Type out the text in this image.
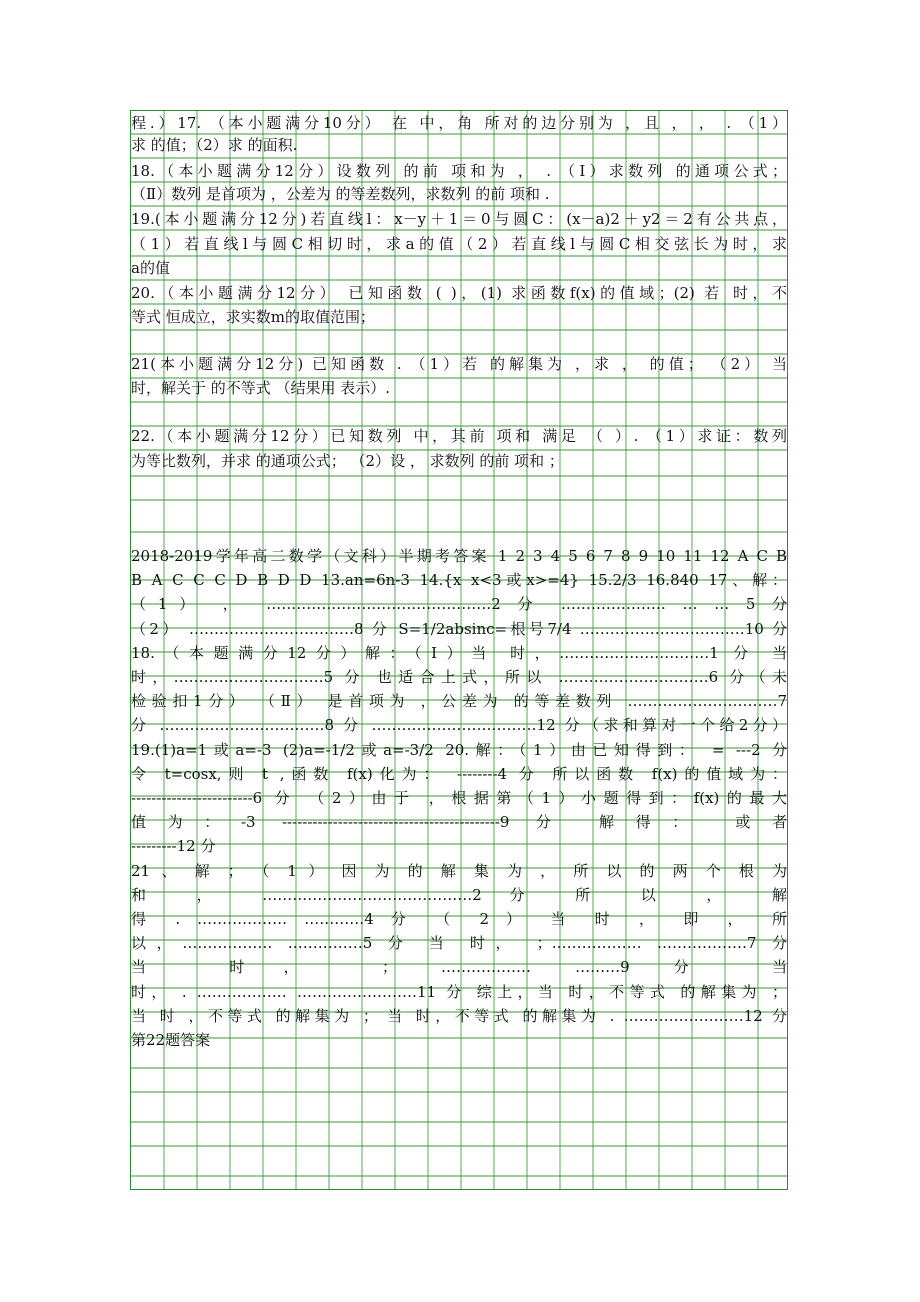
程.）17. （本小题满分10分） 在 中，角 所对的边分别为 ，且 ， ， . （1）
求 的值；（2）求 的面积.
18.（本小题满分12分）设数列 的前 项和为 ， . （Ⅰ）求数列 的通项公式；
（Ⅱ）数列 是首项为 ，公差为 的等差数列，求数列 的前 项和 .
19.(本小题满分12分)若直线l：x－y＋1＝0与圆C：(x－a)2＋y2＝2有公共点，
（1）若直线l与圆C相切时，求a的值（2）若直线l与圆C相交弦长为时，求
a的值
20.（本小题满分12分） 已知函数 ( )，(1) 求函数f(x)的值域；(2) 若 时，不
等式 恒成立，求实数m的取值范围；
21(本小题满分12分) 已知函数 . （1）若 的解集为 ，求 ， 的值； （2） 当
时，解关于 的不等式 （结果用 表示）.
22.（本小题满分12分）已知数列 中，其前 项和 满足 （ ）. （1）求证：数列
为等比数列，并求 的通项公式； （2）设 ， 求数列 的前 项和 ；
2018-2019学年高二数学（文科）半期考答案 1 2 3 4 5 6 7 8 9 10 11 12 A C B
B A C C C D B D D 13.an=6n-3 14.{x x<3或x>=4} 15.2/3 16.840 17、解：
（1） ， ………………………………………2 分 ………………… … … 5 分
（2） ……………………………8 分 S=1/2absinc=根号7/4 ……………………………10 分
18.（本题满分12分）解：（Ⅰ）当 时，…………………………1 分 当
时，…………………………5 分 也适合上式，所以 …………………………6 分（未
检验扣1分） （Ⅱ） 是首项为 ，公差为 的等差数列 …………………………7
分 ……………………………8 分 ……………………………12 分（求和算对一个给2分）
19.(1)a=1或a=-3 (2)a=-1/2或a=-3/2 20.解：（1）由已知得到： = ---2 分
令 t=cosx,则 t ,函数 f(x)化为： --------4 分 所以函数 f(x)的值域为：
------------------------6 分 （2）由于 ，根据第（1）小题得到：f(x)的最大
值为：-3 -------------------------------------------9 分 解得： 或者
---------12 分
21 、 解 ； （ 1 ） 因 为 的 解 集 为 ， 所 以 的 两 个 根 为
和 ， ……………………………………2 分 所 以 ， 解
得 . ……………… …………4 分 （ 2 ） 当 时 ， 即 ， 所
以，……………… ……………5 分 当 时， ；……………… ………………7 分
当 时， ； ……………… ………9 分 当
时， . ……………… ……………………11 分 综上，当 时，不等式 的解集为 ；
当 时 ，不等式 的解集为 ； 当 时，不等式 的解集为 . ……………………12 分
第22题答案
